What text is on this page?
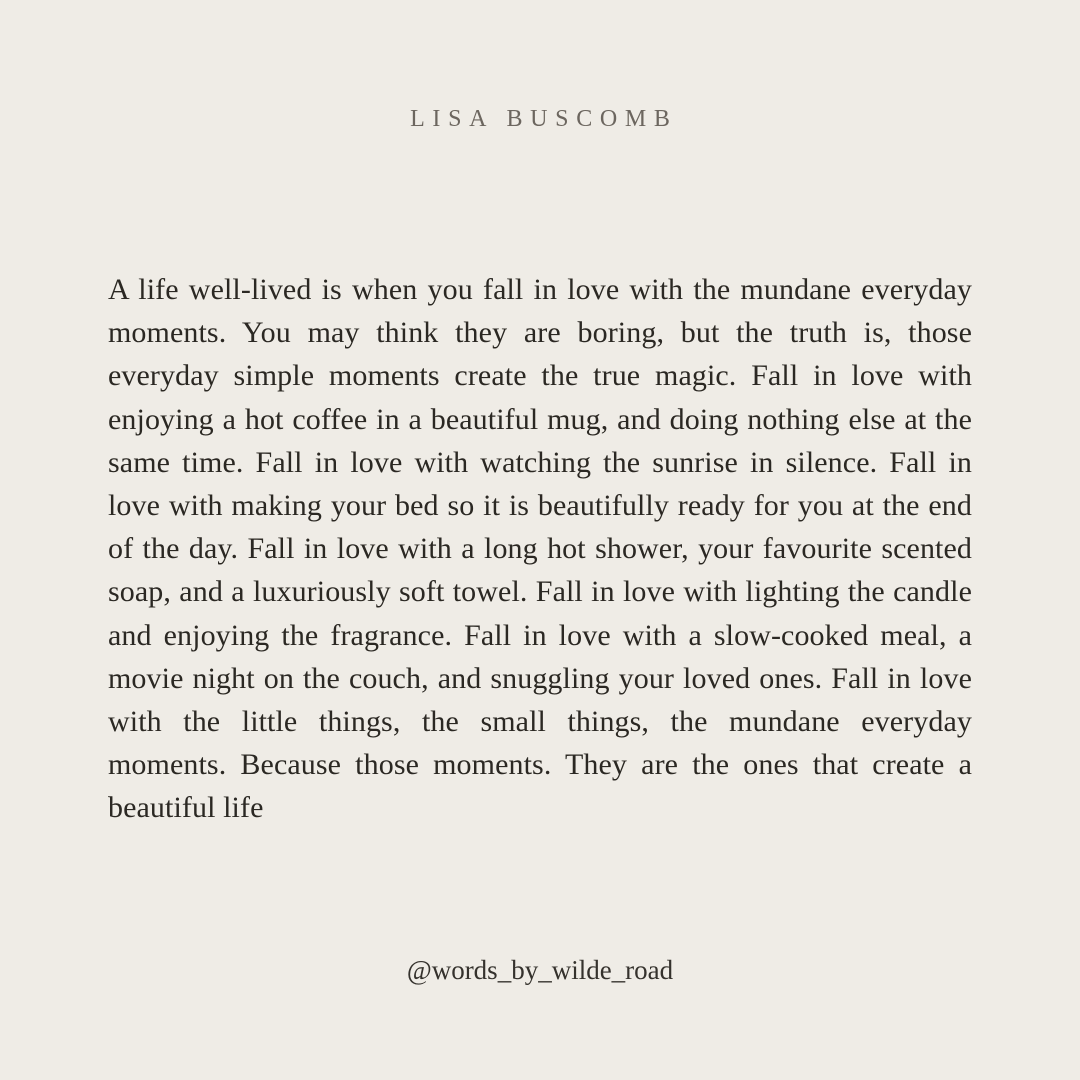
LISA BUSCOMB

A life well-lived is when you fall in love with the mundane everyday moments. You may think they are boring, but the truth is, those everyday simple moments create the true magic. Fall in love with enjoying a hot coffee in a beautiful mug, and doing nothing else at the same time. Fall in love with watching the sunrise in silence. Fall in love with making your bed so it is beautifully ready for you at the end of the day. Fall in love with a long hot shower, your favourite scented soap, and a luxuriously soft towel. Fall in love with lighting the candle and enjoying the fragrance. Fall in love with a slow-cooked meal, a movie night on the couch, and snuggling your loved ones. Fall in love with the little things, the small things, the mundane everyday moments. Because those moments. They are the ones that create a beautiful life

@words_by_wilde_road
